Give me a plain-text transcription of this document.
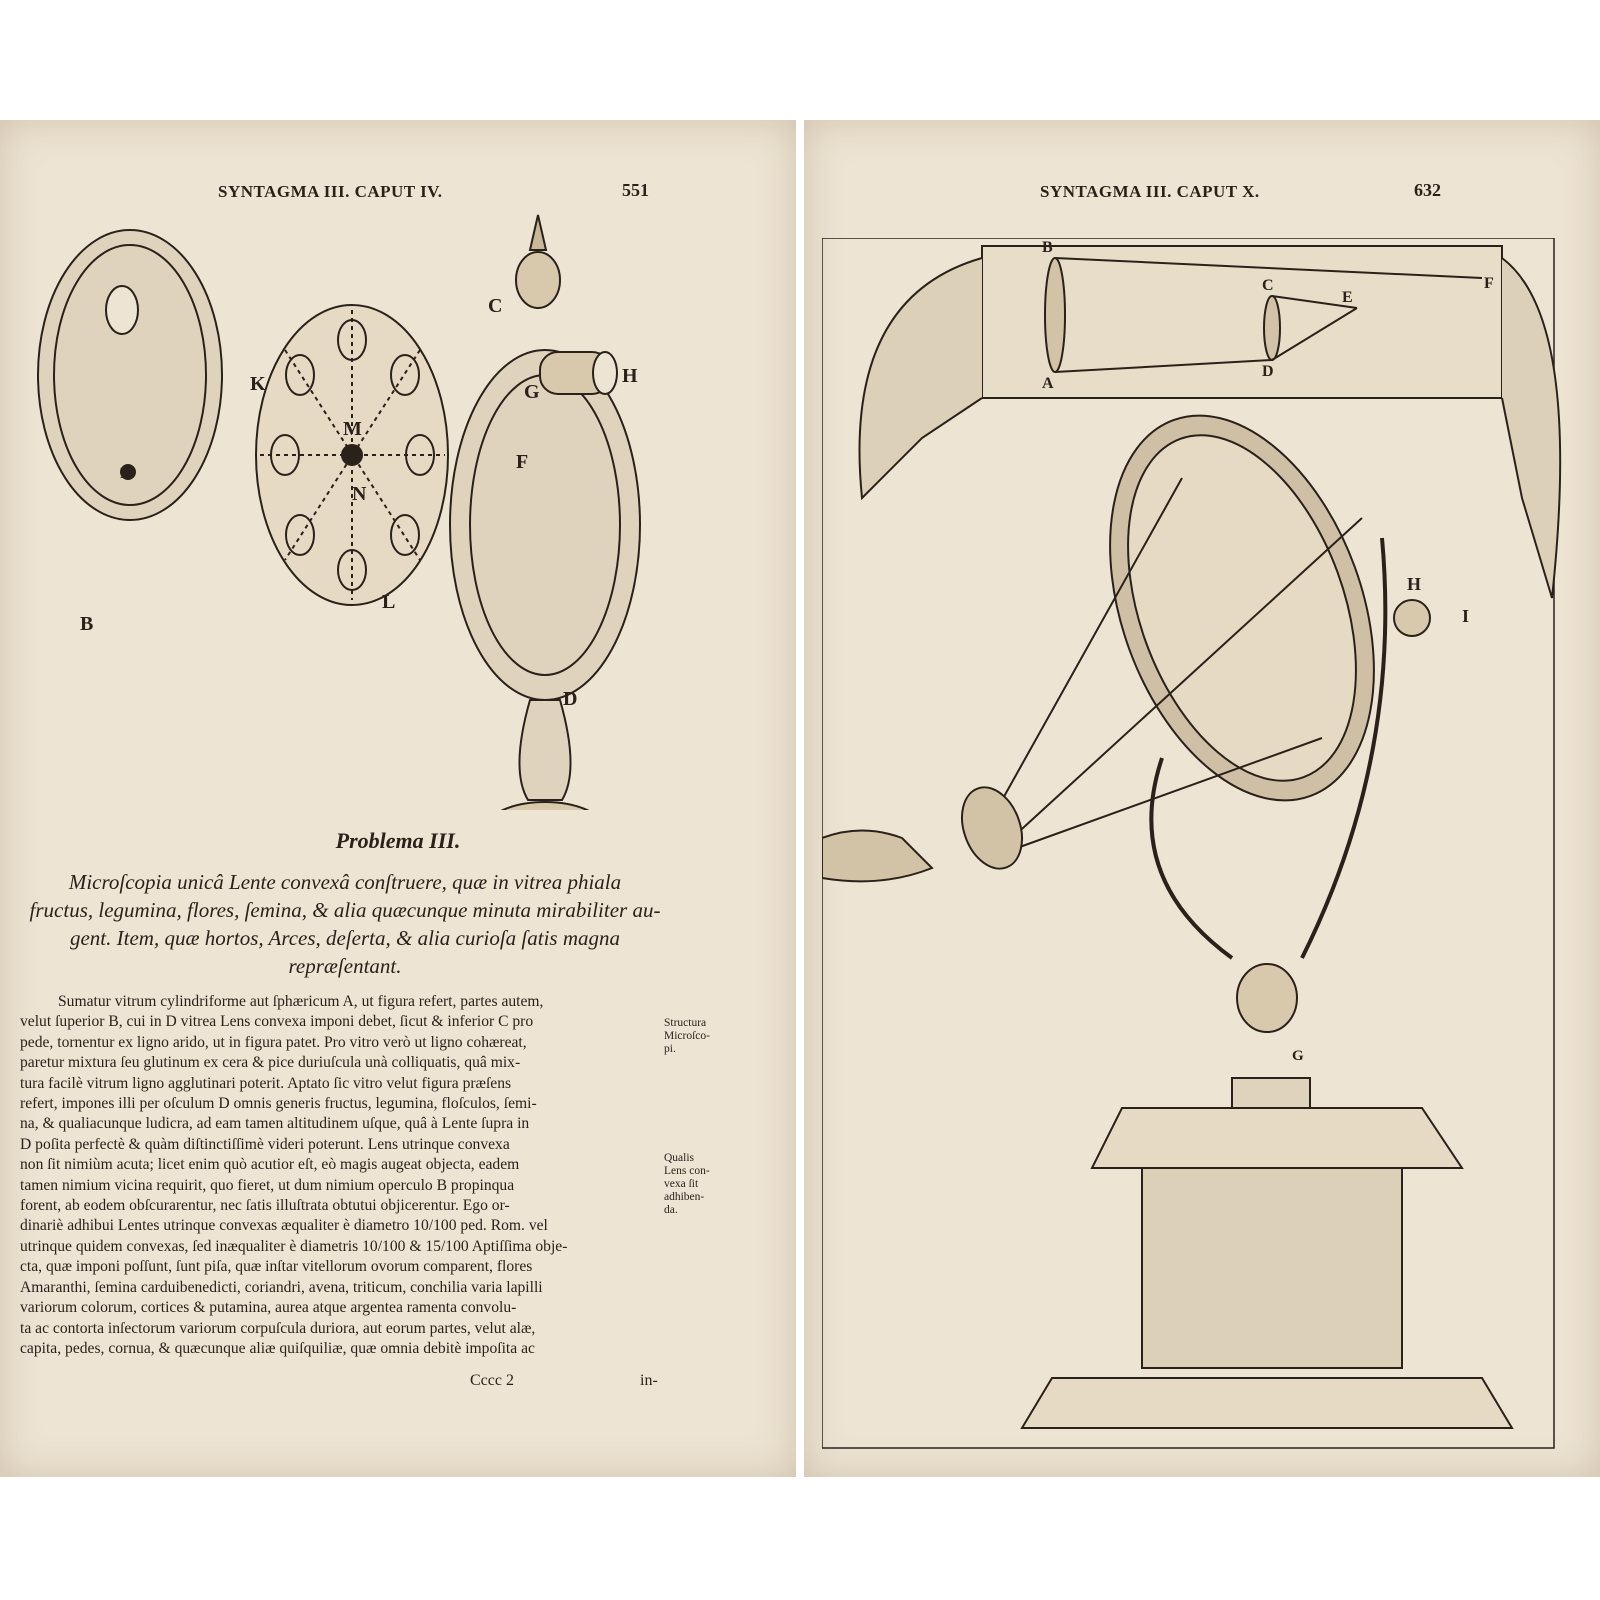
SYNTAGMA III. CAPUT IV.	551
B
E
K
M
N
L
C
G
H
F
D
Problema III.
Microſcopia unicâ Lente convexâ conſtruere, quæ in vitrea phiala
fructus, legumina, flores, ſemina, & alia quæcunque minuta mirabiliter au-
gent. Item, quæ hortos, Arces, deſerta, & alia curioſa ſatis magna
repræſentant.
Sumatur vitrum cylindriforme aut ſphæricum A, ut figura refert, partes autem,
velut ſuperior B, cui in D vitrea Lens convexa imponi debet, ſicut & inferior C pro
pede, tornentur ex ligno arido, ut in figura patet. Pro vitro verò ut ligno cohæreat,
paretur mixtura ſeu glutinum ex cera & pice duriuſcula unà colliquatis, quâ mix-
tura facilè vitrum ligno agglutinari poterit. Aptato ſic vitro velut figura præſens
refert, impones illi per oſculum D omnis generis fructus, legumina, floſculos, ſemi-
na, & qualiacunque ludicra, ad eam tamen altitudinem uſque, quâ à Lente ſupra in
D poſita perfectè & quàm diſtinctiſſimè videri poterunt. Lens utrinque convexa
non ſit nimiùm acuta; licet enim quò acutior eſt, eò magis augeat objecta, eadem
tamen nimium vicina requirit, quo fieret, ut dum nimium operculo B propinqua
forent, ab eodem obſcurarentur, nec ſatis illuſtrata obtutui objicerentur. Ego or-
dinariè adhibui Lentes utrinque convexas æqualiter è diametro 10/100 ped. Rom. vel
utrinque quidem convexas, ſed inæqualiter è diametris 10/100 & 15/100 Aptiſſima obje-
cta, quæ imponi poſſunt, ſunt piſa, quæ inſtar vitellorum ovorum comparent, flores
Amaranthi, ſemina carduibenedicti, coriandri, avena, triticum, conchilia varia lapilli
variorum colorum, cortices & putamina, aurea atque argentea ramenta convolu-
ta ac contorta inſectorum variorum corpuſcula duriora, aut eorum partes, velut alæ,
capita, pedes, cornua, & quæcunque aliæ quiſquiliæ, quæ omnia debitè impoſita ac
Structura
Microſco-
pi.
Qualis
Lens con-
vexa ſit
adhiben-
da.
Cccc 2	in-
SYNTAGMA III. CAPUT X.	632
B
C
E
F
A
D
H
I
G
